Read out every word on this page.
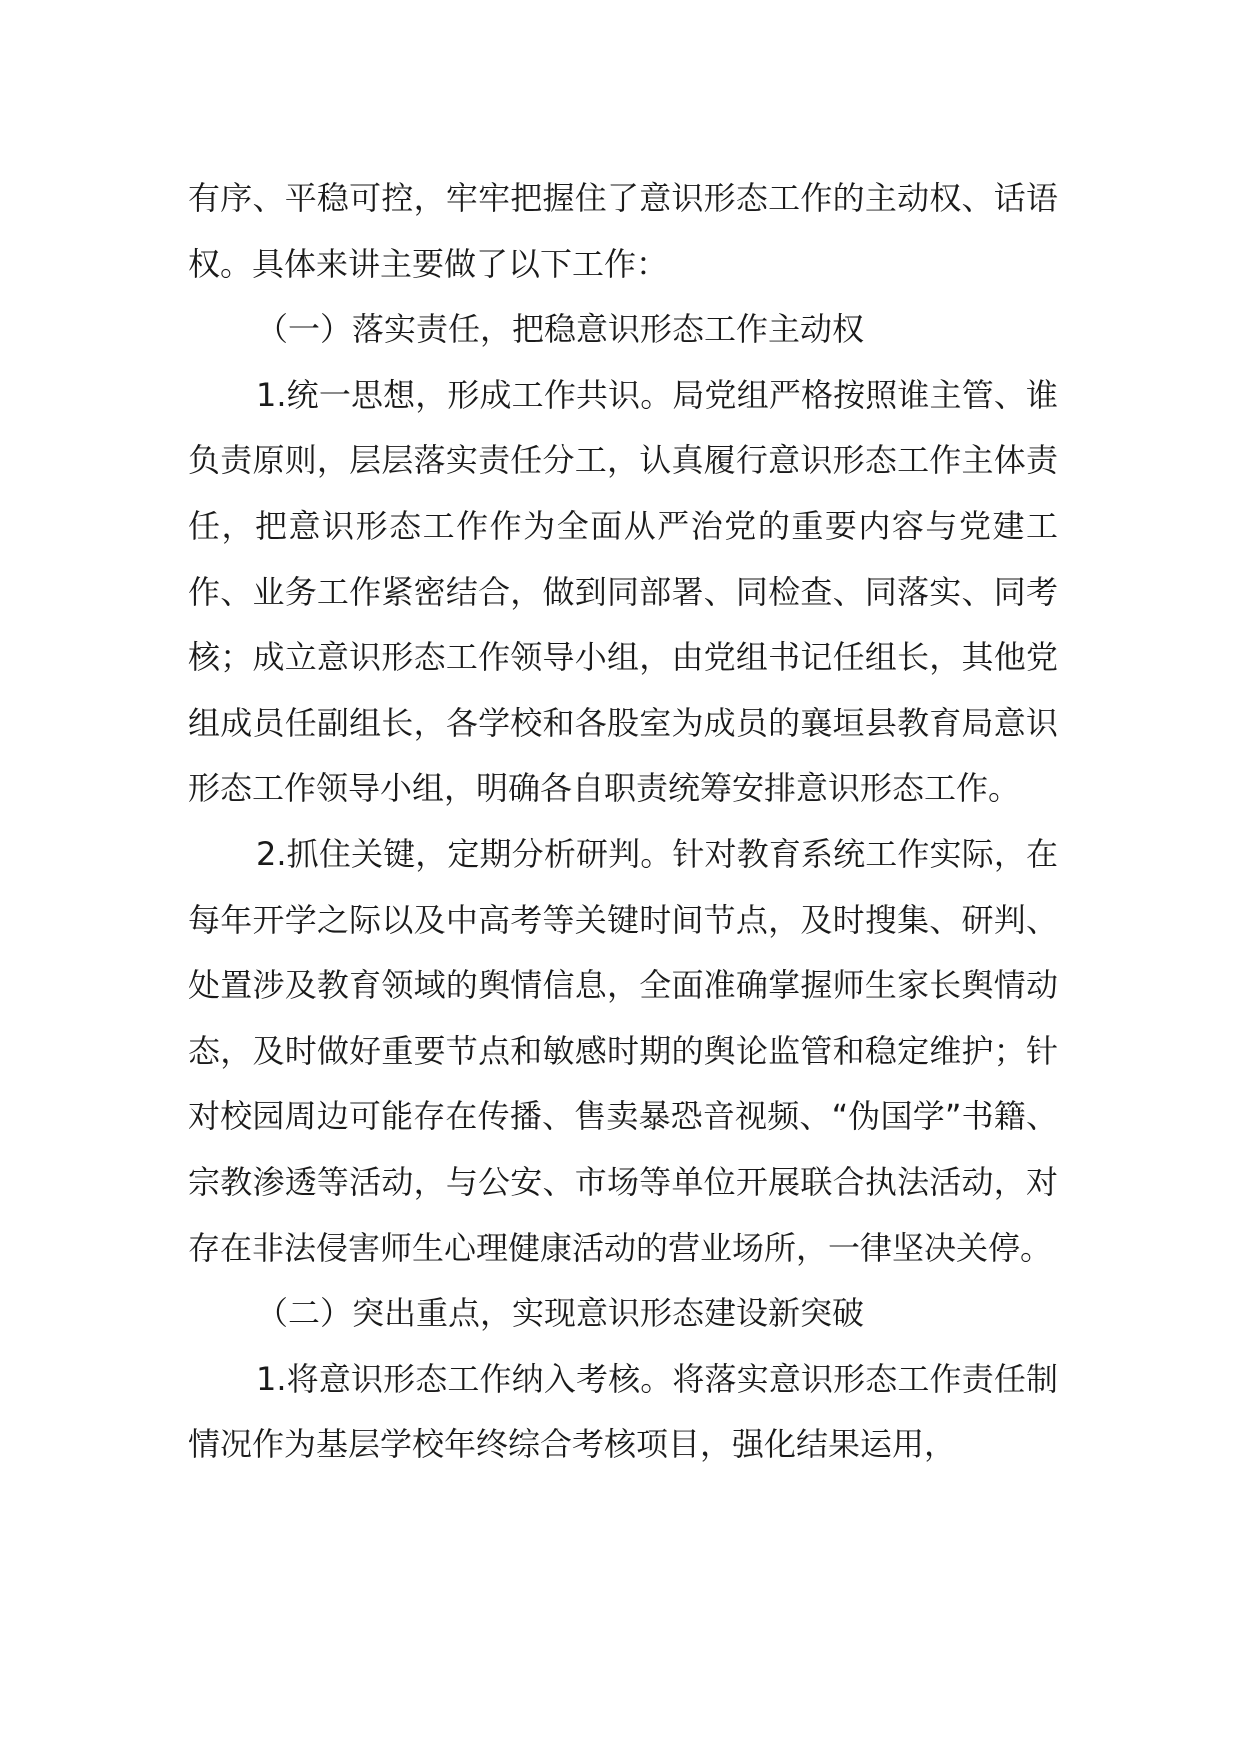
有序、平稳可控，牢牢把握住了意识形态工作的主动权、话语权。具体来讲主要做了以下工作：

（一）落实责任，把稳意识形态工作主动权

1.统一思想，形成工作共识。局党组严格按照谁主管、谁负责原则，层层落实责任分工，认真履行意识形态工作主体责任，把意识形态工作作为全面从严治党的重要内容与党建工作、业务工作紧密结合，做到同部署、同检查、同落实、同考核；成立意识形态工作领导小组，由党组书记任组长，其他党组成员任副组长，各学校和各股室为成员的襄垣县教育局意识形态工作领导小组，明确各自职责统筹安排意识形态工作。

2.抓住关键，定期分析研判。针对教育系统工作实际，在每年开学之际以及中高考等关键时间节点，及时搜集、研判、处置涉及教育领域的舆情信息，全面准确掌握师生家长舆情动态，及时做好重要节点和敏感时期的舆论监管和稳定维护；针对校园周边可能存在传播、售卖暴恐音视频、“伪国学”书籍、宗教渗透等活动，与公安、市场等单位开展联合执法活动，对存在非法侵害师生心理健康活动的营业场所，一律坚决关停。

（二）突出重点，实现意识形态建设新突破

1.将意识形态工作纳入考核。将落实意识形态工作责任制情况作为基层学校年终综合考核项目，强化结果运用，
